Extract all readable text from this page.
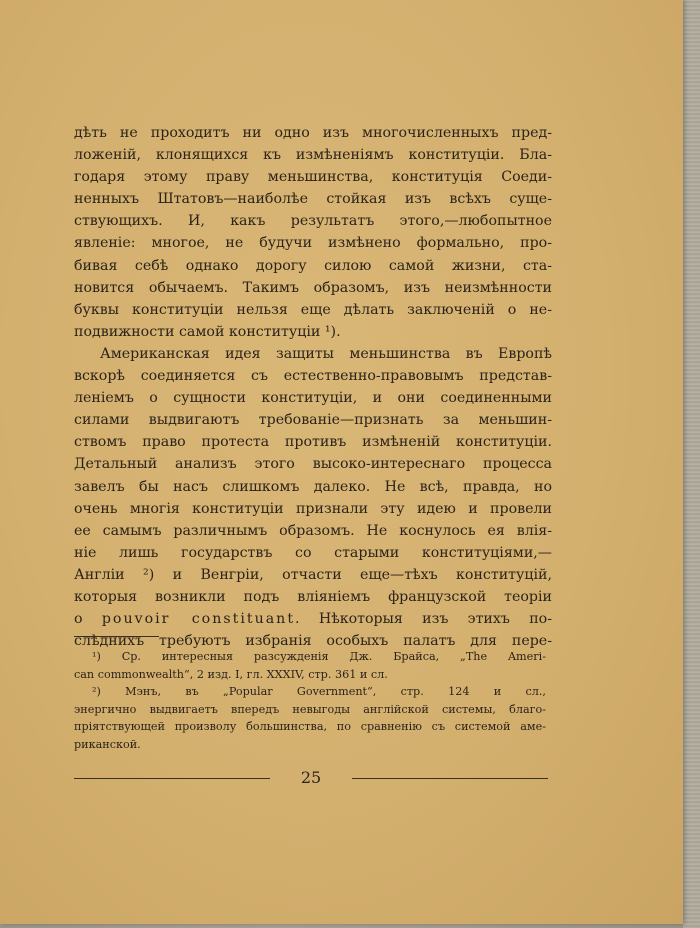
дѣть не проходитъ ни одно изъ многочисленныхъ пред-
ложеній, клонящихся къ измѣненіямъ конституціи. Бла-
годаря этому праву меньшинства, конституція Соеди-
ненныхъ Штатовъ—наиболѣе стойкая изъ всѣхъ суще-
ствующихъ. И, какъ результатъ этого,—любопытное
явленіе: многое, не будучи измѣнено формально, про-
бивая себѣ однако дорогу силою самой жизни, ста-
новится обычаемъ. Такимъ образомъ, изъ неизмѣнности
буквы конституціи нельзя еще дѣлать заключеній о не-
подвижности самой конституціи ¹).

Американская идея защиты меньшинства въ Европѣ
вскорѣ соединяется съ естественно-правовымъ представ-
леніемъ о сущности конституціи, и они соединенными
силами выдвигаютъ требованіе—признать за меньшин-
ствомъ право протеста противъ измѣненій конституціи.
Детальный анализъ этого высоко-интереснаго процесса
завелъ бы насъ слишкомъ далеко. Не всѣ, правда, но
очень многія конституціи признали эту идею и провели
ее самымъ различнымъ образомъ. Не коснулось ея влія-
ніе лишь государствъ со старыми конституціями,—
Англіи ²) и Венгріи, отчасти еще—тѣхъ конституцій,
которыя возникли подъ вліяніемъ французской теоріи
о pouvoir constituant. Нѣкоторыя изъ этихъ по-
слѣднихъ требуютъ избранія особыхъ палатъ для пере-

¹) Ср. интересныя разсужденія Дж. Брайса, „The Ameri-
can commonwealth“, 2 изд. I, гл. XXXIV, стр. 361 и сл.
²) Мэнъ, въ „Popular Government“, стр. 124 и сл.,
энергично выдвигаетъ впередъ невыгоды англійской системы, благо-
пріятствующей произволу большинства, по сравненію съ системой аме-
риканской.
25
